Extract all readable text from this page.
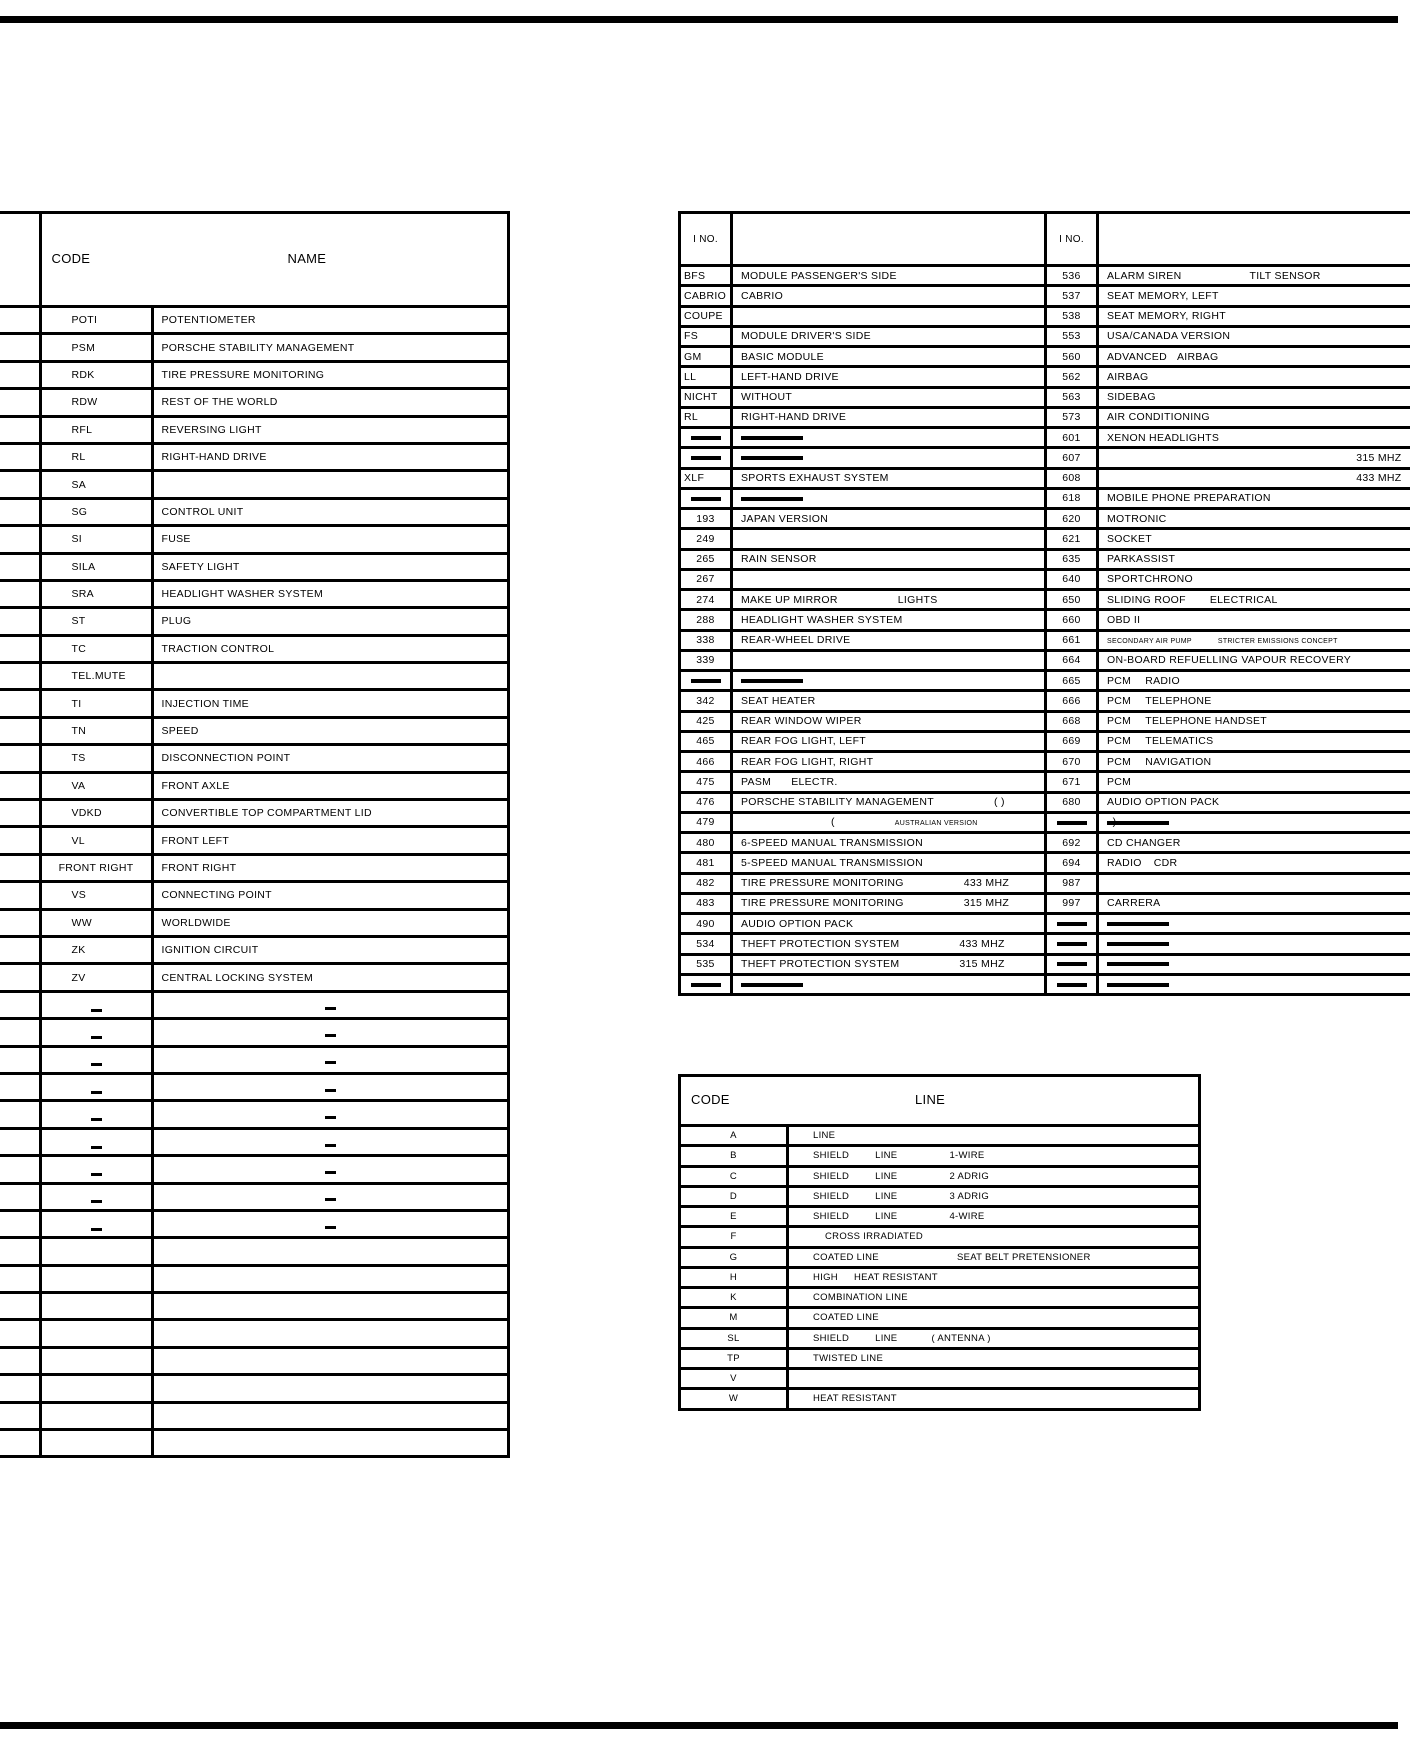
	CODE NAME	

	POTI	POTENTIOMETER
	PSM	PORSCHE STABILITY MANAGEMENT
	RDK	TIRE PRESSURE MONITORING
	RDW	REST OF THE WORLD
	RFL	REVERSING LIGHT
	RL	RIGHT-HAND DRIVE
	SA	
	SG	CONTROL UNIT
	SI	FUSE
	SILA	SAFETY LIGHT
	SRA	HEADLIGHT WASHER SYSTEM
	ST	PLUG
	TC	TRACTION CONTROL
	TEL.MUTE	
	TI	INJECTION TIME
	TN	SPEED
	TS	DISCONNECTION POINT
	VA	FRONT AXLE
	VDKD	CONVERTIBLE TOP COMPARTMENT LID
	VL	FRONT LEFT
	FRONT RIGHT	FRONT RIGHT
	VS	CONNECTING POINT
	WW	WORLDWIDE
	ZK	IGNITION CIRCUIT
	ZV	CENTRAL LOCKING SYSTEM

I NO.		I NO.	
BFS	MODULE PASSENGER'S SIDE	536	ALARM SIREN TILT SENSOR
CABRIO	CABRIO	537	SEAT MEMORY, LEFT
COUPE		538	SEAT MEMORY, RIGHT
FS	MODULE DRIVER'S SIDE	553	USA/CANADA VERSION
GM	BASIC MODULE	560	ADVANCED AIRBAG
LL	LEFT-HAND DRIVE	562	AIRBAG
NICHT	WITHOUT	563	SIDEBAG
RL	RIGHT-HAND DRIVE	573	AIR CONDITIONING
		601	XENON HEADLIGHTS
		607	315 MHZ

XLF	SPORTS EXHAUST SYSTEM	608	433 MHZ

		618	MOBILE PHONE PREPARATION
193	JAPAN VERSION	620	MOTRONIC
249		621	SOCKET
265	RAIN SENSOR	635	PARKASSIST
267		640	SPORTCHRONO
274	MAKE UP MIRROR LIGHTS	650	SLIDING ROOF ELECTRICAL
288	HEADLIGHT WASHER SYSTEM	660	OBD II
338	REAR-WHEEL DRIVE	661	SECONDARY AIR PUMP STRICTER EMISSIONS CONCEPT
339		664	ON-BOARD REFUELLING VAPOUR RECOVERY
		665	PCM RADIO
342	SEAT HEATER	666	PCM TELEPHONE
425	REAR WINDOW WIPER	668	PCM TELEPHONE HANDSET
465	REAR FOG LIGHT, LEFT	669	PCM TELEMATICS
466	REAR FOG LIGHT, RIGHT	670	PCM NAVIGATION
475	PASM ELECTR.	671	PCM
476	PORSCHE STABILITY MANAGEMENT ( )	680	AUDIO OPTION PACK
479	( AUSTRALIAN VERSION )		
480	6-SPEED MANUAL TRANSMISSION	692	CD CHANGER
481	5-SPEED MANUAL TRANSMISSION	694	RADIO CDR
482	TIRE PRESSURE MONITORING 433 MHZ	987	
483	TIRE PRESSURE MONITORING 315 MHZ	997	CARRERA
490	AUDIO OPTION PACK		
534	THEFT PROTECTION SYSTEM 433 MHZ		
535	THEFT PROTECTION SYSTEM 315 MHZ		

CODE LINE	

A	LINE
B	SHIELD LINE 1-WIRE
C	SHIELD LINE 2 ADRIG
D	SHIELD LINE 3 ADRIG
E	SHIELD LINE 4-WIRE
F	CROSS IRRADIATED
G	COATED LINE SEAT BELT PRETENSIONER
H	HIGH HEAT RESISTANT
K	COMBINATION LINE
M	COATED LINE
SL	SHIELD LINE ( ANTENNA )
TP	TWISTED LINE
V	
W	HEAT RESISTANT
